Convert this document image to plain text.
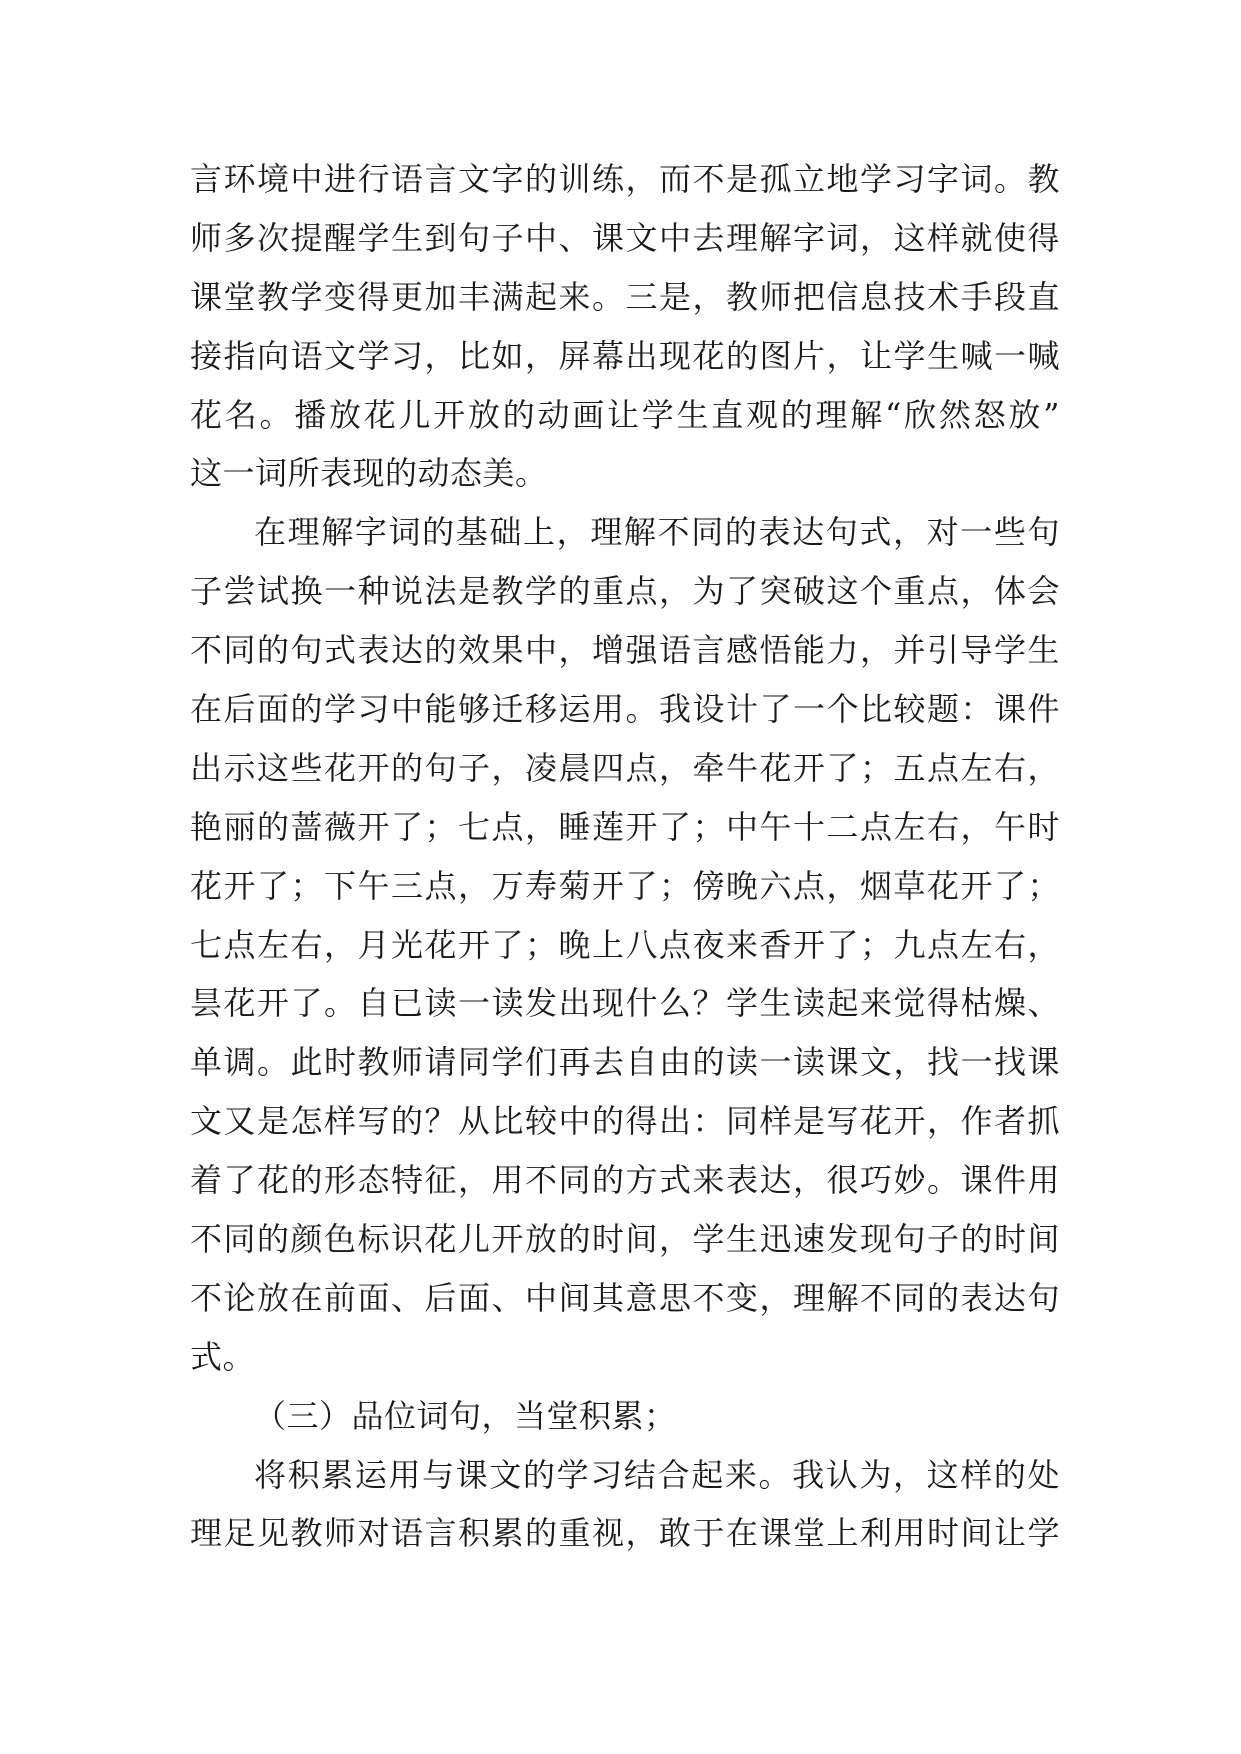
言环境中进行语言文字的训练，而不是孤立地学习字词。教
师多次提醒学生到句子中、课文中去理解字词，这样就使得
课堂教学变得更加丰满起来。三是，教师把信息技术手段直
接指向语文学习，比如，屏幕出现花的图片，让学生喊一喊
花名。播放花儿开放的动画让学生直观的理解“欣然怒放”
这一词所表现的动态美。
在理解字词的基础上，理解不同的表达句式，对一些句
子尝试换一种说法是教学的重点，为了突破这个重点，体会
不同的句式表达的效果中，增强语言感悟能力，并引导学生
在后面的学习中能够迁移运用。我设计了一个比较题：课件
出示这些花开的句子，凌晨四点，牵牛花开了；五点左右，
艳丽的蔷薇开了；七点，睡莲开了；中午十二点左右，午时
花开了；下午三点，万寿菊开了；傍晚六点，烟草花开了；
七点左右，月光花开了；晚上八点夜来香开了；九点左右，
昙花开了。自已读一读发出现什么？学生读起来觉得枯燥、
单调。此时教师请同学们再去自由的读一读课文，找一找课
文又是怎样写的？从比较中的得出：同样是写花开，作者抓
着了花的形态特征，用不同的方式来表达，很巧妙。课件用
不同的颜色标识花儿开放的时间，学生迅速发现句子的时间
不论放在前面、后面、中间其意思不变，理解不同的表达句
式。
（三）品位词句，当堂积累；
将积累运用与课文的学习结合起来。我认为，这样的处
理足见教师对语言积累的重视，敢于在课堂上利用时间让学
